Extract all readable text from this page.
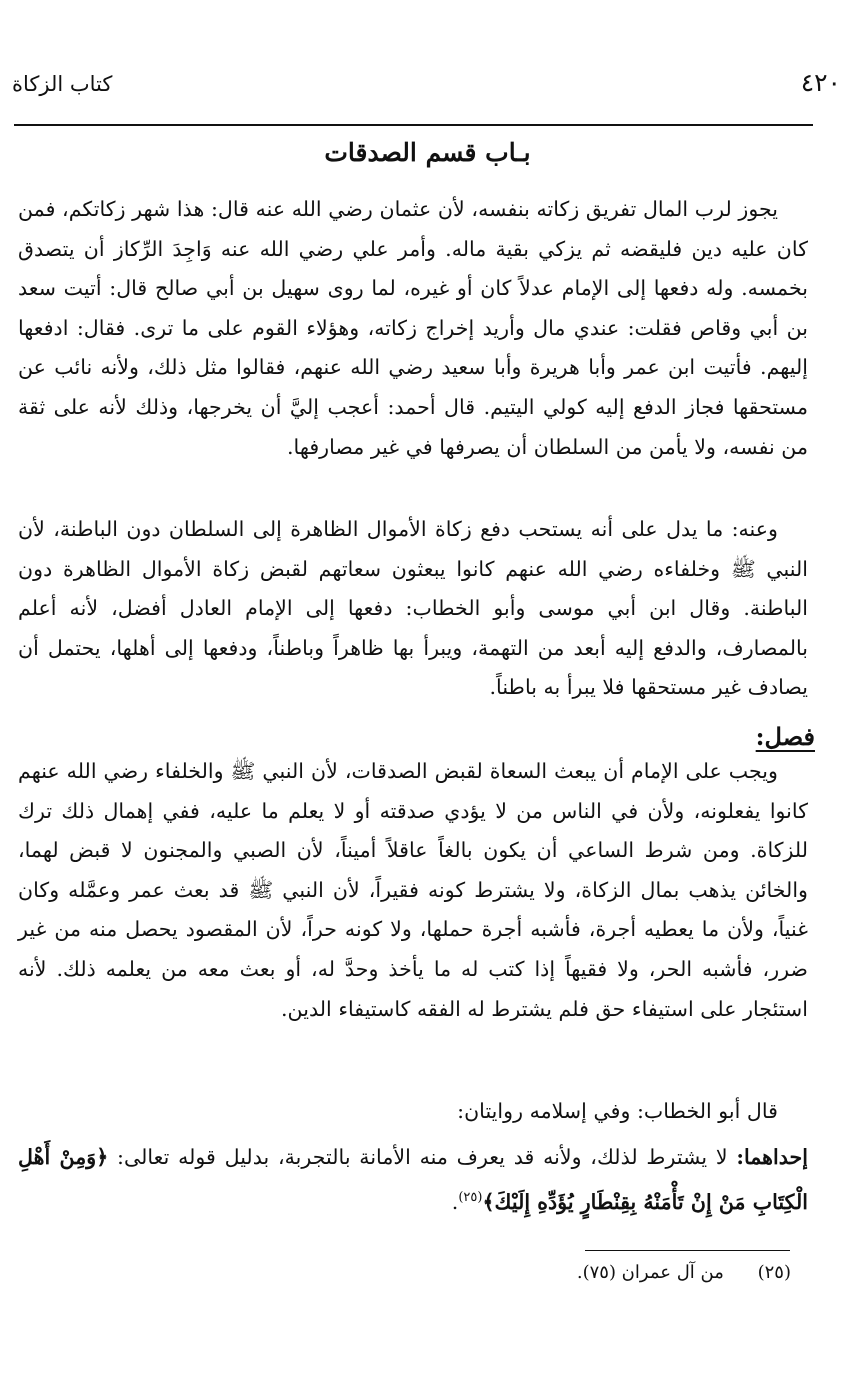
٤٢٠
كتاب الزكاة
بـاب قسم الصدقات

يجوز لرب المال تفريق زكاته بنفسه، لأن عثمان رضي الله عنه قال: هذا شهر زكاتكم، فمن كان عليه دين فليقضه ثم يزكي بقية ماله. وأمر علي رضي الله عنه وَاجِدَ الرِّكاز أن يتصدق بخمسه. وله دفعها إلى الإمام عدلاً كان أو غيره، لما روى سهيل بن أبي صالح قال: أتيت سعد بن أبي وقاص فقلت: عندي مال وأريد إخراج زكاته، وهؤلاء القوم على ما ترى. فقال: ادفعها إليهم. فأتيت ابن عمر وأبا هريرة وأبا سعيد رضي الله عنهم، فقالوا مثل ذلك، ولأنه نائب عن مستحقها فجاز الدفع إليه كولي اليتيم. قال أحمد: أعجب إليَّ أن يخرجها، وذلك لأنه على ثقة من نفسه، ولا يأمن من السلطان أن يصرفها في غير مصارفها.

وعنه: ما يدل على أنه يستحب دفع زكاة الأموال الظاهرة إلى السلطان دون الباطنة، لأن النبي ﷺ وخلفاءه رضي الله عنهم كانوا يبعثون سعاتهم لقبض زكاة الأموال الظاهرة دون الباطنة. وقال ابن أبي موسى وأبو الخطاب: دفعها إلى الإمام العادل أفضل، لأنه أعلم بالمصارف، والدفع إليه أبعد من التهمة، ويبرأ بها ظاهراً وباطناً، ودفعها إلى أهلها، يحتمل أن يصادف غير مستحقها فلا يبرأ به باطناً.

فصل:

ويجب على الإمام أن يبعث السعاة لقبض الصدقات، لأن النبي ﷺ والخلفاء رضي الله عنهم كانوا يفعلونه، ولأن في الناس من لا يؤدي صدقته أو لا يعلم ما عليه، ففي إهمال ذلك ترك للزكاة. ومن شرط الساعي أن يكون بالغاً عاقلاً أميناً، لأن الصبي والمجنون لا قبض لهما، والخائن يذهب بمال الزكاة، ولا يشترط كونه فقيراً، لأن النبي ﷺ قد بعث عمر وعمَّله وكان غنياً، ولأن ما يعطيه أجرة، فأشبه أجرة حملها، ولا كونه حراً، لأن المقصود يحصل منه من غير ضرر، فأشبه الحر، ولا فقيهاً إذا كتب له ما يأخذ وحدَّ له، أو بعث معه من يعلمه ذلك. لأنه استئجار على استيفاء حق فلم يشترط له الفقه كاستيفاء الدين.

قال أبو الخطاب: وفي إسلامه روايتان:

إحداهما: لا يشترط لذلك، ولأنه قد يعرف منه الأمانة بالتجربة، بدليل قوله تعالى: ﴿وَمِنْ أَهْلِ الْكِتَابِ مَنْ إِنْ تَأْمَنْهُ بِقِنْطَارٍ يُؤَدِّهِ إِلَيْكَ﴾$^{(٢٥)}$.

(٢٥) من آل عمران (٧٥).
